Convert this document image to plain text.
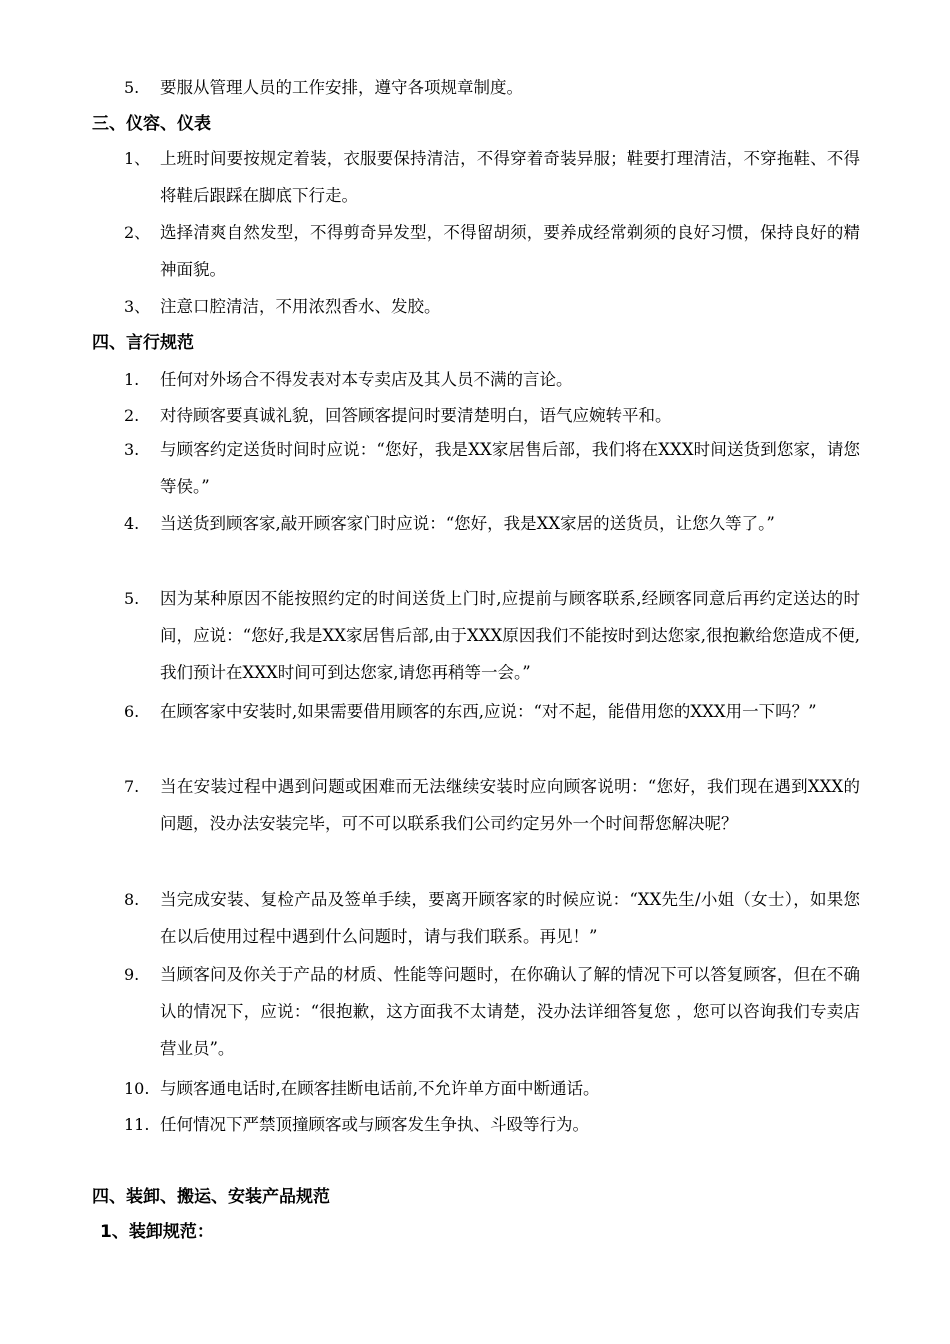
5.	要服从管理人员的工作安排，遵守各项规章制度。
三、仪容、仪表
1、 上班时间要按规定着装，衣服要保持清洁，不得穿着奇装异服；鞋要打理清洁，不穿拖鞋、不得将鞋后跟踩在脚底下行走。
2、 选择清爽自然发型，不得剪奇异发型，不得留胡须，要养成经常剃须的良好习惯，保持良好的精神面貌。
3、 注意口腔清洁，不用浓烈香水、发胶。
四、言行规范
1.	任何对外场合不得发表对本专卖店及其人员不满的言论。
2.	对待顾客要真诚礼貌，回答顾客提问时要清楚明白，语气应婉转平和。
3.	与顾客约定送货时间时应说：“您好，我是XX家居售后部，我们将在XXX时间送货到您家，请您等侯。”
4.	当送货到顾客家,敲开顾客家门时应说：“您好，我是XX家居的送货员，让您久等了。”
5.	因为某种原因不能按照约定的时间送货上门时,应提前与顾客联系,经顾客同意后再约定送达的时间，应说：“您好,我是XX家居售后部,由于XXX原因我们不能按时到达您家,很抱歉给您造成不便,我们预计在XXX时间可到达您家,请您再稍等一会。”
6.	在顾客家中安装时,如果需要借用顾客的东西,应说：“对不起，能借用您的XXX用一下吗？”
7.	当在安装过程中遇到问题或困难而无法继续安装时应向顾客说明：“您好，我们现在遇到XXX的问题，没办法安装完毕，可不可以联系我们公司约定另外一个时间帮您解决呢？
8.	当完成安装、复检产品及签单手续，要离开顾客家的时候应说：“XX先生/小姐（女士），如果您在以后使用过程中遇到什么问题时，请与我们联系。再见！”
9.	当顾客问及你关于产品的材质、性能等问题时，在你确认了解的情况下可以答复顾客，但在不确认的情况下，应说：“很抱歉，这方面我不太请楚，没办法详细答复您 ，您可以咨询我们专卖店营业员”。
10. 与顾客通电话时,在顾客挂断电话前,不允许单方面中断通话。
11. 任何情况下严禁顶撞顾客或与顾客发生争执、斗殴等行为。
四、装卸、搬运、安装产品规范
1、装卸规范：
